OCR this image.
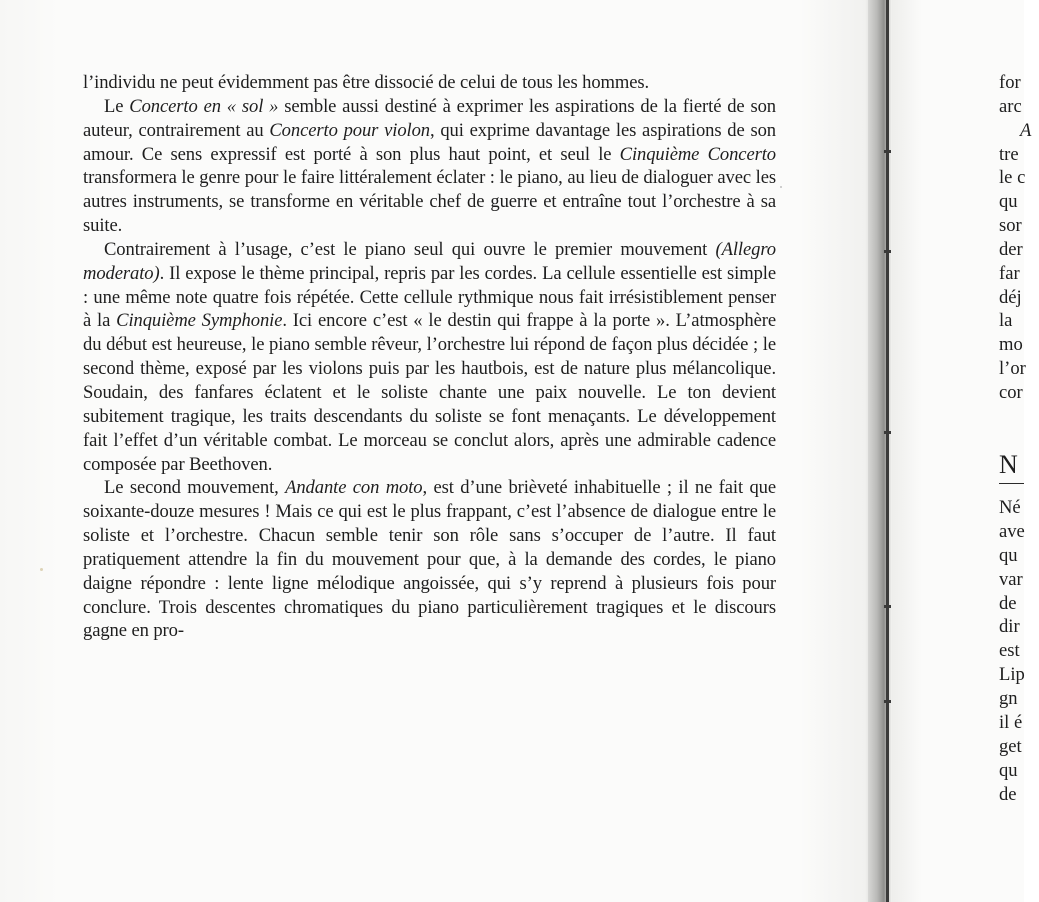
l’individu ne peut évidemment pas être dissocié de celui de tous les hommes.

Le Concerto en « sol » semble aussi destiné à exprimer les aspirations de la fierté de son auteur, contrairement au Concerto pour violon, qui exprime davantage les aspirations de son amour. Ce sens expressif est porté à son plus haut point, et seul le Cinquième Concerto transformera le genre pour le faire littéralement éclater : le piano, au lieu de dialoguer avec les autres instruments, se transforme en véritable chef de guerre et entraîne tout l’orchestre à sa suite.

Contrairement à l’usage, c’est le piano seul qui ouvre le premier mouvement (Allegro moderato). Il expose le thème principal, repris par les cordes. La cellule essentielle est simple : une même note quatre fois répétée. Cette cellule rythmique nous fait irrésistiblement penser à la Cinquième Symphonie. Ici encore c’est « le destin qui frappe à la porte ». L’atmosphère du début est heureuse, le piano semble rêveur, l’orchestre lui répond de façon plus décidée ; le second thème, exposé par les violons puis par les hautbois, est de nature plus mélancolique. Soudain, des fanfares éclatent et le soliste chante une paix nouvelle. Le ton devient subitement tragique, les traits descendants du soliste se font menaçants. Le développement fait l’effet d’un véritable combat. Le morceau se conclut alors, après une admirable cadence composée par Beethoven.

Le second mouvement, Andante con moto, est d’une brièveté inhabituelle ; il ne fait que soixante-douze mesures ! Mais ce qui est le plus frappant, c’est l’absence de dialogue entre le soliste et l’orchestre. Chacun semble tenir son rôle sans s’occuper de l’autre. Il faut pratiquement attendre la fin du mouvement pour que, à la demande des cordes, le piano daigne répondre : lente ligne mélodique angoissée, qui s’y reprend à plusieurs fois pour conclure. Trois descentes chromatiques du piano particulièrement tragiques et le discours gagne en pro-

for
arc
A
tre
le c
qu
sor
der
far
déj
la
mo
l’or
cor
N
Né
ave
qu
var
de
dir
est
Lip
gn
il é
get
qu
de
